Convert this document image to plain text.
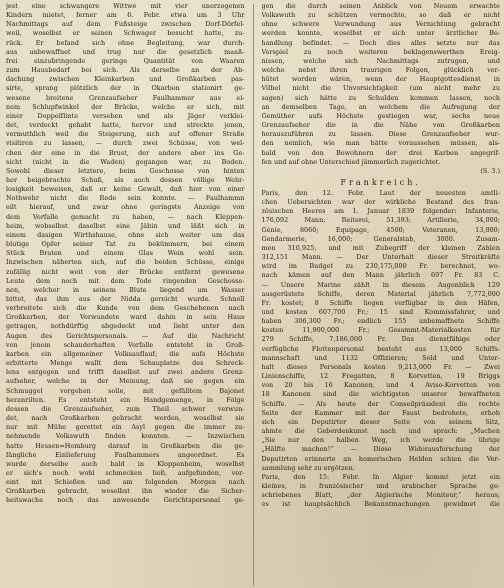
jest eine schwangere Wittwe mit vier unerzogenen
Kindern mietet, ferner am 6. Febr. etwa um 3 Uhr
Nachmittags auf dem Fußsteige zwischen Dorf-Dörfel-
weil, woselbst er seinen Schwager besucht hatte, zu-
rück. Er befand sich ohne Begleitung, war durch-
aus unbewaffnet und trug nur die gesetzlich maaß-
frei einzubringende geringe Quantität von Waaren
zum Hausbedarf bei sich. Als derselbe an der Ab-
dachung zwischen Kleinkarben und Großkarben pas-
sirte, sprang plötzlich der in Okarben stationirt ge-
wesene breitene Grenzaufseher Faulhammer aus ei-
nem Schlupfwinkel der Brücke, welche er sich, mit
einer Doppelflinte versehen und als Jäger verklei-
det, verdeckt gehabt hatte, hervor und streckte jenen,
vermuthlich weil die Steigerung, sich auf offener Straße
visitiren zu lassen, — durch zwei Schüsse, von wel-
chen der eine in die Brust, der andere aber ins Ge-
sicht (nicht in die Waden) gegangen war, zu Boden.
Sowohl dieser letztere, beim Geschosse von hinten
her beigebrachte Schuß, als auch dessen völlige Wehr-
losigkeit beweisen, daß er keine Gewalt, daß hier von einer
Nothwehr nicht die Rede sein konnte. — Faulhammn
eilt hierauf, und zwar ohne geringste Anzeige von
dem Vorfalle gemacht zu haben, — nach Kleppen-
heim, wobselbst daselbst eine Jäbin und läßt sich in
einem dasigen Wirthshause, ohne sich weiter um das
blutige Opfer seiner Tat zu bekümmern, bei einem
Stück Braten und einem Glas Wein wohl sein.
Inzwischen näherten sich, auf die beiden Schüsse, einige
zufällig nicht weit von der Brücke entfernt gewesene
Leute dem noch mit dem Tode ringenden Geschosse-
nen, welcher in seinem Blute liegend um Wasser
bittet, das ihm aus der Nidda gereicht wurde. Schnell
verbreitete sich die Kunde von dem Geschehenen nach
Großkarben, der Verwundete ward dahin in sein Haus
getragen, nothdürftig abgedeckt und lieht unter den
Augen des Gerichtspersonals. — Auf die Nachricht
von jenem schauderhaften Vorfalle entsteht in Groß-
karben ein allgemeiner Volksauflauf; die aufs Höchste
erbitterte Menge wallt dem Schauplatze des Schreck-
lens entgegen und trifft daselbst auf zwei andere Grenz-
aufseher, welche in der Meinung, daß sie gegen ein
Schmuggel vorgehen solle, mit gefälltem Bajonet
heranrilten. Es entsteht ein Handgemenge, in Folge
dessen die Grenzaufseher, zum Theil schwer verwun-
det, nach Großkarben gebracht werden, woselbst sie
nur mit Mühe gerettet ein Asyl gegen die immer zu-
nehmende Volkswuth finden konnten. — Inzwischen
hatte Hessen=Homburg darauf in Großkarben die ge-
fängliche Einlieferung Faulhammers angeordnet. Es
wurde derselbe auch bald in Kloppenheim, woselbst
er sich's noch wohl schmecken ließ, aufgefunden, ver-
eint mit Schießen und am folgenden Morgen nach
Großkarben gebracht, woselbst ihn wieder die Sicher-
heitswache noch das anwesende Gerichtspersonal ge-
gen die durch seinen Anblick von Neuem erwachte
Volkswuth zu schützen vermochte, so daß er nicht
ohne schwere Verwundung aus Vernichtung gebracht
werden konnte, woselbst er sich unter ärztlicher Be-
handlung befindet. — Doch dies alles setzte nur das
Vorspiel zu noch weiteren beklagenswerthen Ereig-
nissen, welche sich Nachmittags zutrugen, und
welche nebst ihren traurigen Folgen, glücklich ver-
hütet worden wären, wenn der Hauptgottesdienst in
Vilbel nicht die Unvorsichtigkeit (um nicht mehr zu
sagen) sich hätte zu Schulden kommen lassen, noch
an demselben Tage, an welchem die Aufregung der
Gemüther aufs Höchste gestiegen war, sechs neue
Grenzaufseher die in die Nähe von Großkarben
herauszuführen zu lassen. Diese Grenzaufseher wur-
den nemlich, wie man hätte voraussehen müssen, als-
bald von den Bewohnern der drei Karben angegrif-
fen und auf ohne Unterschied jämmerlich zugerichtet.
(S. 3.)
Frankreich.
Paris, den 12. Febr. Laut der neuesten amtli-
chen Uebersichten war der wirkliche Bestand des fran-
zösischen Heeres am 1. Januar 1839 folgender: Infanterie,
176,092 Mann; Reiterei, 51,393; Artillerie, 34,000;
Génie, 8060; Equipage, 4500; Veteranen, 13,000;
Gendarmerie, 16,000; Generalstab, 3000. Zusam-
men 310,925, und mit Zubegriff der kleinen Zahlen
312,151 Mann. — Der Unterhalt dieser Streitkräfte
wird im Budget zu 230,175,000 Fr. berechnet, wo-
nach kämen auf den Mann jährlich 697 Fr. 83 C.
— Unsere Marine zählt in diesem Augenblick 129
ausgerüstete Schiffe, deren Material jährlich 7,772,000
Fr. kostet; 8 Schiffe liegen verfügbar in den Häfen,
und kosten 607,700 Fr.; 15 sind Kommissfahrer, und
haben 306,300 Fr.; endlich 155 unbemaffnete Schiffe
kosten 11,900,000 Fr.; Gesammt-Materialkosten für
279 Schiffe, 7,186,000 Fr. Das dienstfähige oder
verfügliche Flottenpersonal besteht aus 13,000 Schiffs-
mannschaft und 1132 Offizieren; Sold und Unter-
halt dieses Personals kosten 9,213,000 Fr. — Zwei
Linienschiffe, 12 Fregatten, 8 Korvetten, 19 Briggs
von 20 bis 16 Kanonen, und 4 Aviso-Korvetten von
18 Kanonen sind die wichtigsten unserer bewaffneten
Schiffe. — Als heute der Conseilpräsident die rechte
Seite der Kammer mit der Faust bedrohete, erhob
sich ein Deputirter dieser Seite von seinem Sitz,
ahmte die Geberdenkunst nach und sprach: „Machen
„Sie nur den halben Weg, ich werde die übrige
„Hälfte machen!“ — Diese Widerausforschung der
Deputirten erinnerte an homerischen Helden schien die Ver-
sammlung sehr zu ergötzen.
Paris, den 15. Febr. In Algier kommt jetzt ein
kleines, in französischer und arabischer Sprache ge-
schriebenes Blatt, „der Algierische Moniteur,“ heraus;
es ist hauptsächlich Bekanntmachungen gewidmet die
